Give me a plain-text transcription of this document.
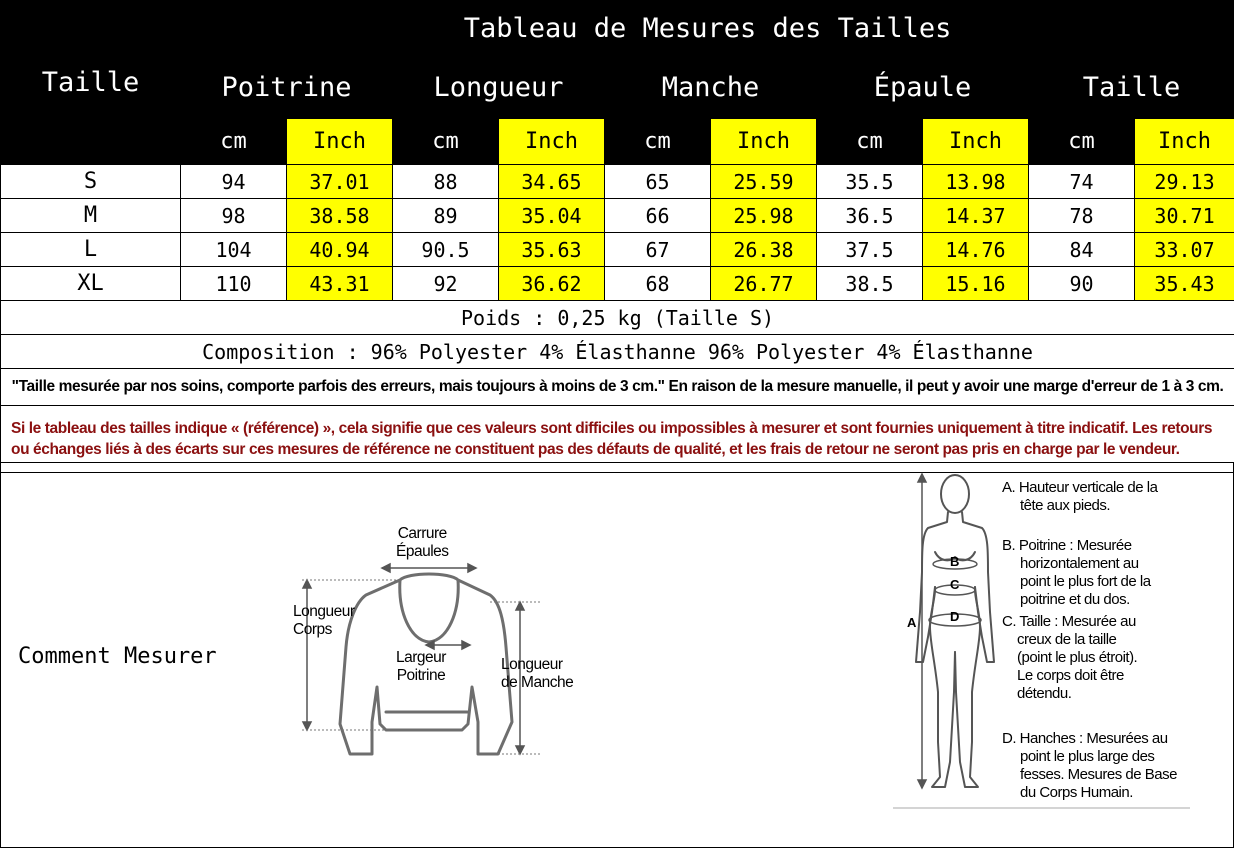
Taille	Tableau de Mesures des Tailles									
	Poitrine		Longueur		Manche		Épaule		Taille	
	cm	Inch	cm	Inch	cm	Inch	cm	Inch	cm	Inch
S	94	37.01	88	34.65	65	25.59	35.5	13.98	74	29.13
M	98	38.58	89	35.04	66	25.98	36.5	14.37	78	30.71
L	104	40.94	90.5	35.63	67	26.38	37.5	14.76	84	33.07
XL	110	43.31	92	36.62	68	26.77	38.5	15.16	90	35.43
Poids : 0,25 kg (Taille S)										
Composition : 96% Polyester 4% Élasthanne 96% Polyester 4% Élasthanne										
"Taille mesurée par nos soins, comporte parfois des erreurs, mais toujours à moins de 3 cm." En raison de la mesure manuelle, il peut y avoir une marge d'erreur de 1 à 3 cm.										
Si le tableau des tailles indique « (référence) », cela signifie que ces valeurs sont difficiles ou impossibles à mesurer et sont fournies uniquement à titre indicatif. Les retours ou échanges liés à des écarts sur ces mesures de référence ne constituent pas des défauts de qualité, et les frais de retour ne seront pas pris en charge par le vendeur.										
Comment Mesurer
Carrure
Épaules
Longueur
Corps
Largeur
Poitrine
Longueur
de Manche
B
C
D
A
A. Hauteur verticale de la
tête aux pieds.
B. Poitrine : Mesurée
horizontalement au
point le plus fort de la
poitrine et du dos.
C. Taille : Mesurée au
creux de la taille
(point le plus étroit).
Le corps doit être
détendu.
D. Hanches : Mesurées au
point le plus large des
fesses. Mesures de Base
du Corps Humain.
